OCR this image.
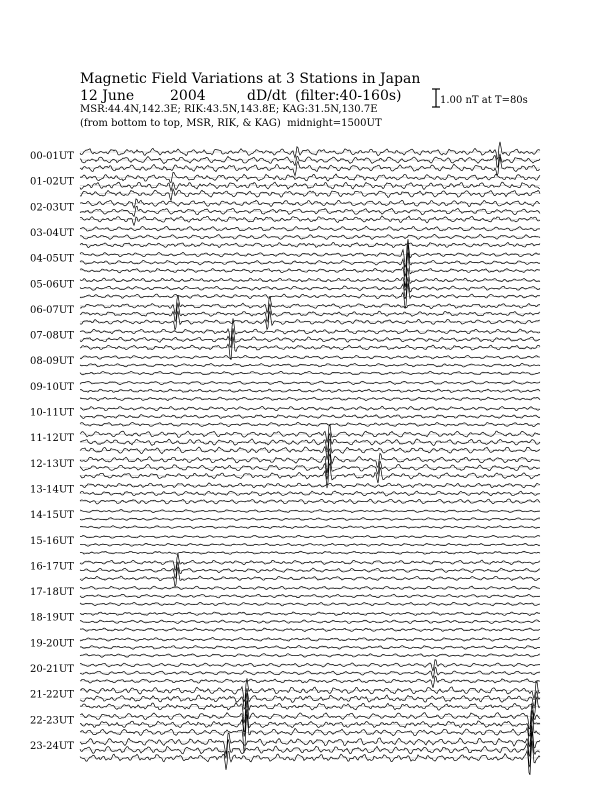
Magnetic Field Variations at 3 Stations in Japan
12 June	2004	dD/dt (filter:40-160s)
MSR:44.4N,142.3E; RIK:43.5N,143.8E; KAG:31.5N,130.7E
(from bottom to top, MSR, RIK, & KAG) midnight=1500UT
1.00 nT at T=80s
00-01UT
01-02UT
02-03UT
03-04UT
04-05UT
05-06UT
06-07UT
07-08UT
08-09UT
09-10UT
10-11UT
11-12UT
12-13UT
13-14UT
14-15UT
15-16UT
16-17UT
17-18UT
18-19UT
19-20UT
20-21UT
21-22UT
22-23UT
23-24UT
